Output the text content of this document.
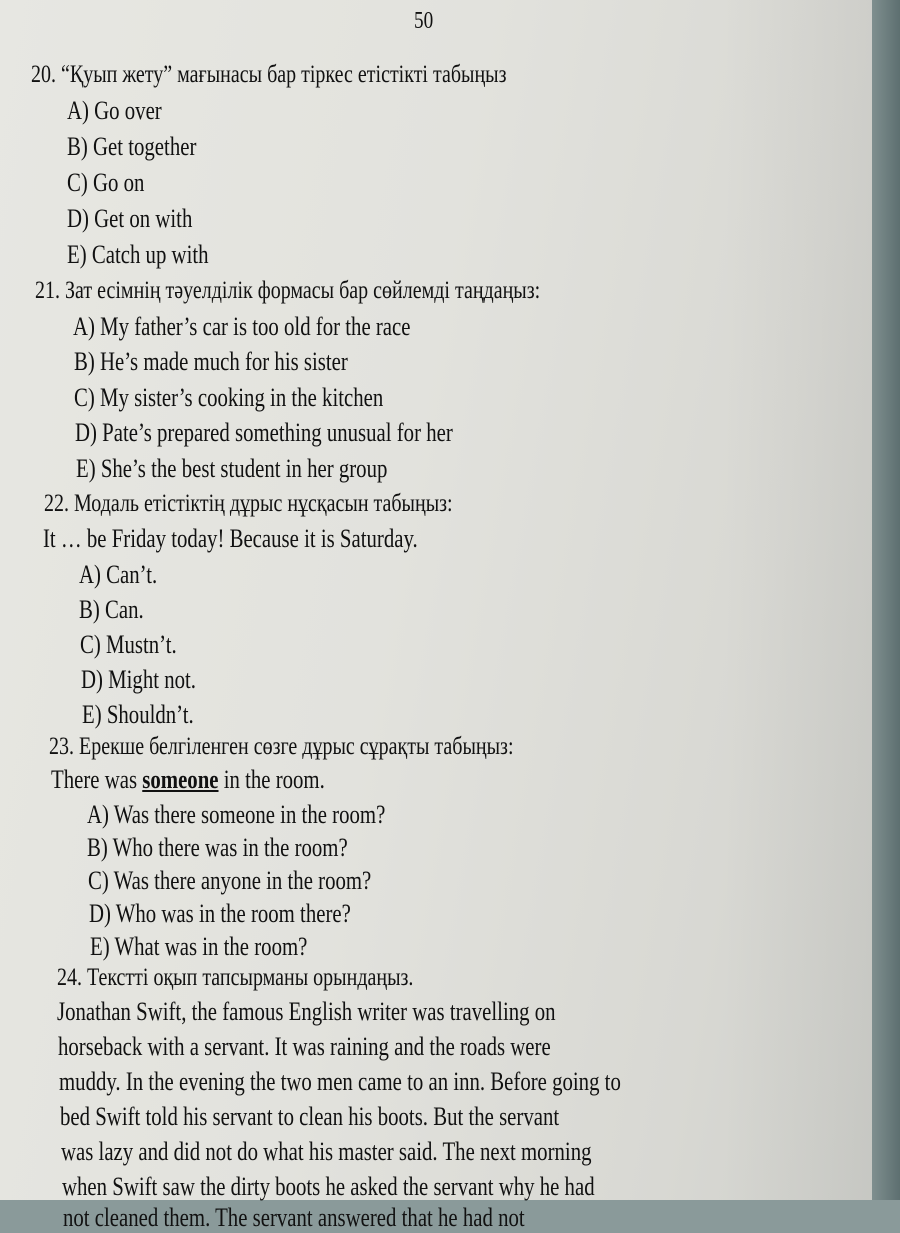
50
20. “Қуып жету” мағынасы бар тіркес етістікті табыңыз
A) Go over
B) Get together
C) Go on
D) Get on with
E) Catch up with
21. Зат есімнің тәуелділік формасы бар сөйлемді таңдаңыз:
A) My father’s car is too old for the race
B) He’s made much for his sister
C) My sister’s cooking in the kitchen
D) Pate’s prepared something unusual for her
E) She’s the best student in her group
22. Модаль етістіктің дұрыс нұсқасын табыңыз:
It … be Friday today! Because it is Saturday.
A) Can’t.
B) Can.
C) Mustn’t.
D) Might not.
E) Shouldn’t.
23. Ерекше белгіленген сөзге дұрыс сұрақты табыңыз:
There was someone in the room.
A) Was there someone in the room?
B) Who there was in the room?
C) Was there anyone in the room?
D) Who was in the room there?
E) What was in the room?
24. Текстті оқып тапсырманы орындаңыз.
Jonathan Swift, the famous English writer was travelling on
horseback with a servant. It was raining and the roads were
muddy. In the evening the two men came to an inn. Before going to
bed Swift told his servant to clean his boots. But the servant
was lazy and did not do what his master said. The next morning
when Swift saw the dirty boots he asked the servant why he had
not cleaned them. The servant answered that he had not
